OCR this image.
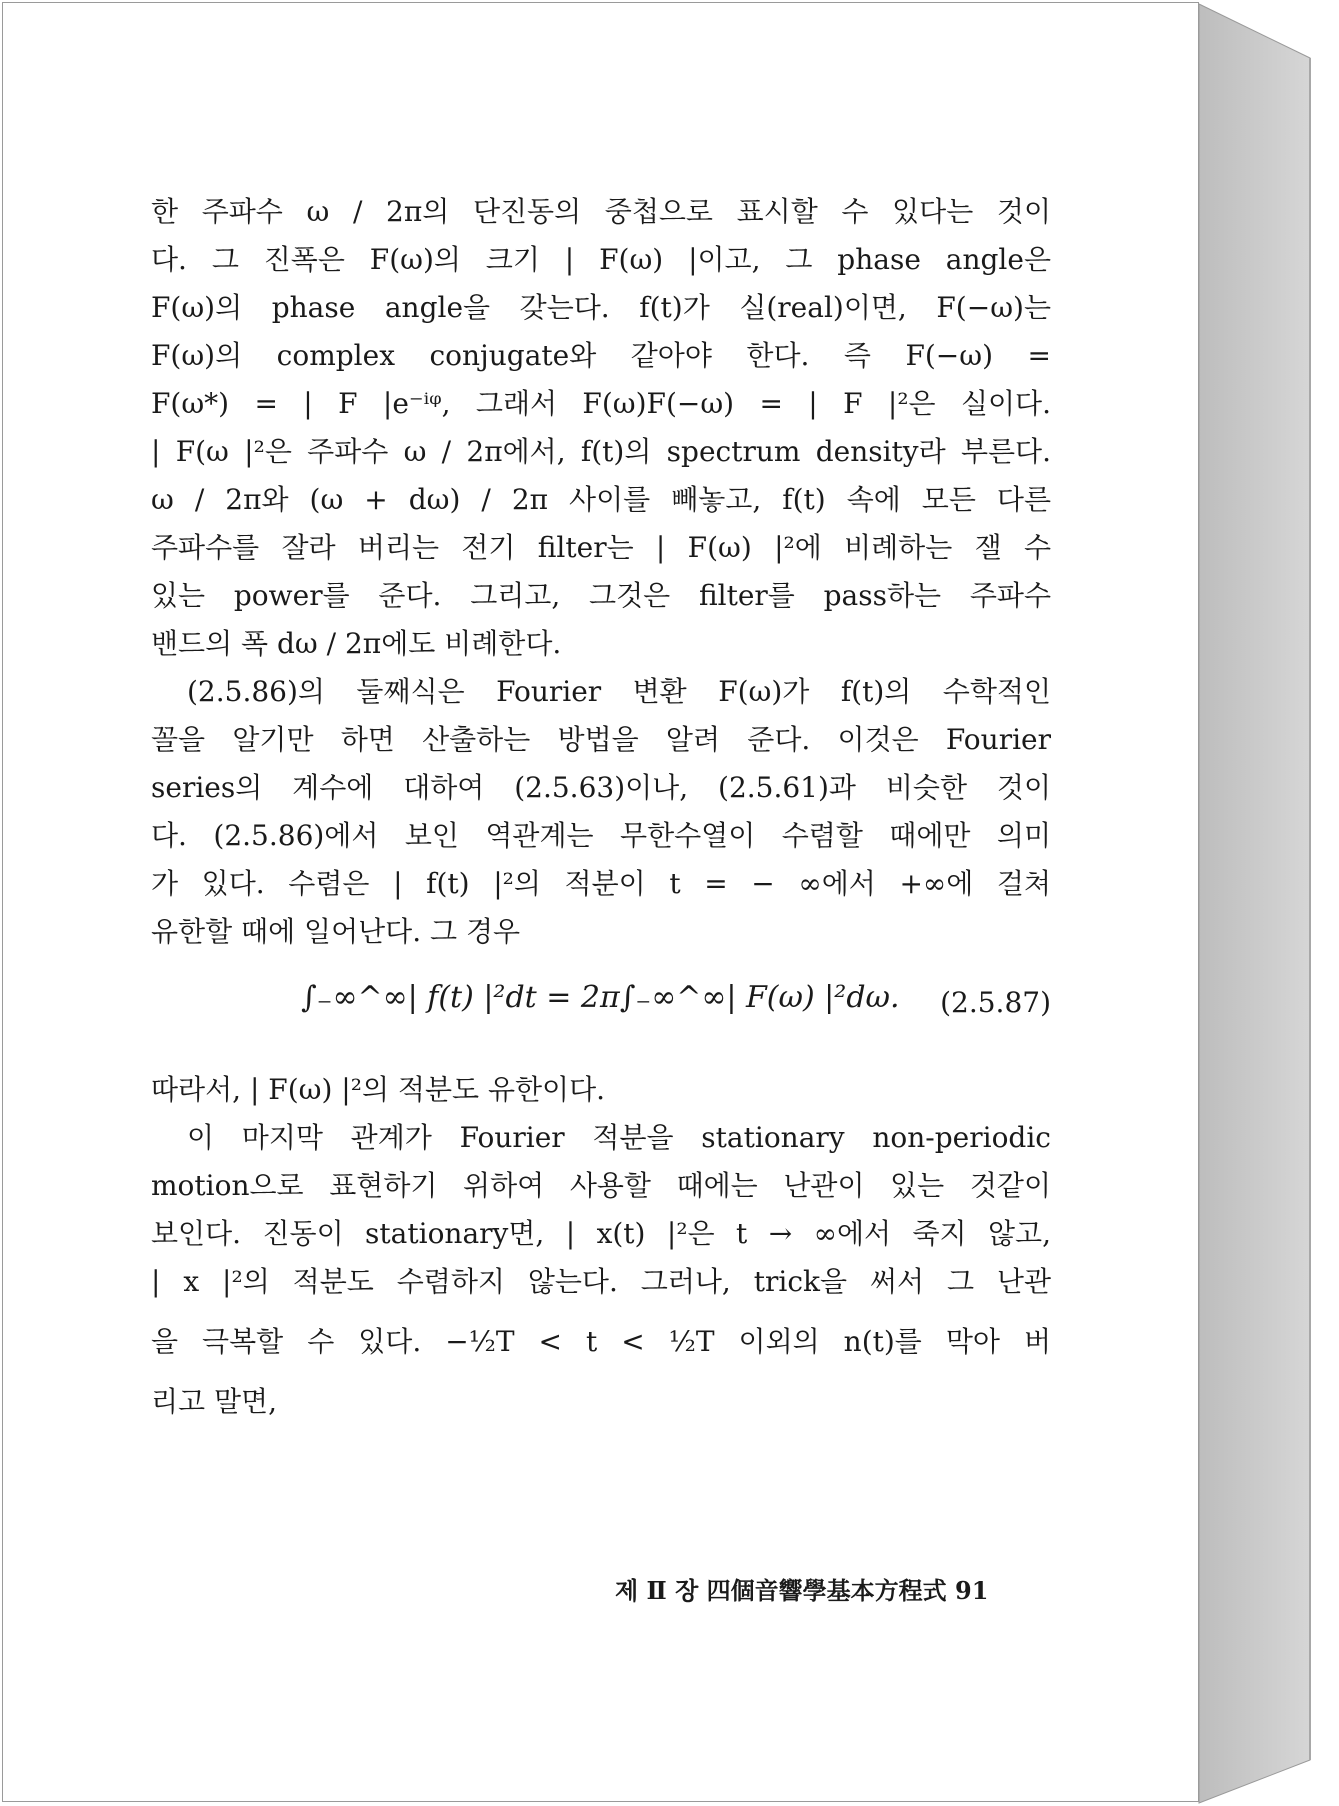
한 주파수 ω / 2π의 단진동의 중첩으로 표시할 수 있다는 것이
다. 그 진폭은 F(ω)의 크기 | F(ω) |이고, 그 phase angle은
F(ω)의 phase angle을 갖는다. f(t)가 실(real)이면, F(−ω)는
F(ω)의 complex conjugate와 같아야 한다. 즉 F(−ω) =
F(ω*) = | F |e⁻ⁱᵠ, 그래서 F(ω)F(−ω) = | F |²은 실이다.
| F(ω |²은 주파수 ω / 2π에서, f(t)의 spectrum density라 부른다.
ω / 2π와 (ω + dω) / 2π 사이를 빼놓고, f(t) 속에 모든 다른
주파수를 잘라 버리는 전기 filter는 | F(ω) |²에 비례하는 잴 수
있는 power를 준다. 그리고, 그것은 filter를 pass하는 주파수
밴드의 폭 dω / 2π에도 비례한다.
(2.5.86)의 둘째식은 Fourier 변환 F(ω)가 f(t)의 수학적인
꼴을 알기만 하면 산출하는 방법을 알려 준다. 이것은 Fourier
series의 계수에 대하여 (2.5.63)이나, (2.5.61)과 비슷한 것이
다. (2.5.86)에서 보인 역관계는 무한수열이 수렴할 때에만 의미
가 있다. 수렴은 | f(t) |²의 적분이 t = − ∞에서 +∞에 걸쳐
유한할 때에 일어난다. 그 경우
∫₋∞^∞| f(t) |²dt = 2π∫₋∞^∞| F(ω) |²dω. (2.5.87)
따라서, | F(ω) |²의 적분도 유한이다.
이 마지막 관계가 Fourier 적분을 stationary non-periodic
motion으로 표현하기 위하여 사용할 때에는 난관이 있는 것같이
보인다. 진동이 stationary면, | x(t) |²은 t → ∞에서 죽지 않고,
| x |²의 적분도 수렴하지 않는다. 그러나, trick을 써서 그 난관
을 극복할 수 있다. −½T < t < ½T 이외의 n(t)를 막아 버
리고 말면,
제 Ⅱ 장 四個音響學基本方程式 91
